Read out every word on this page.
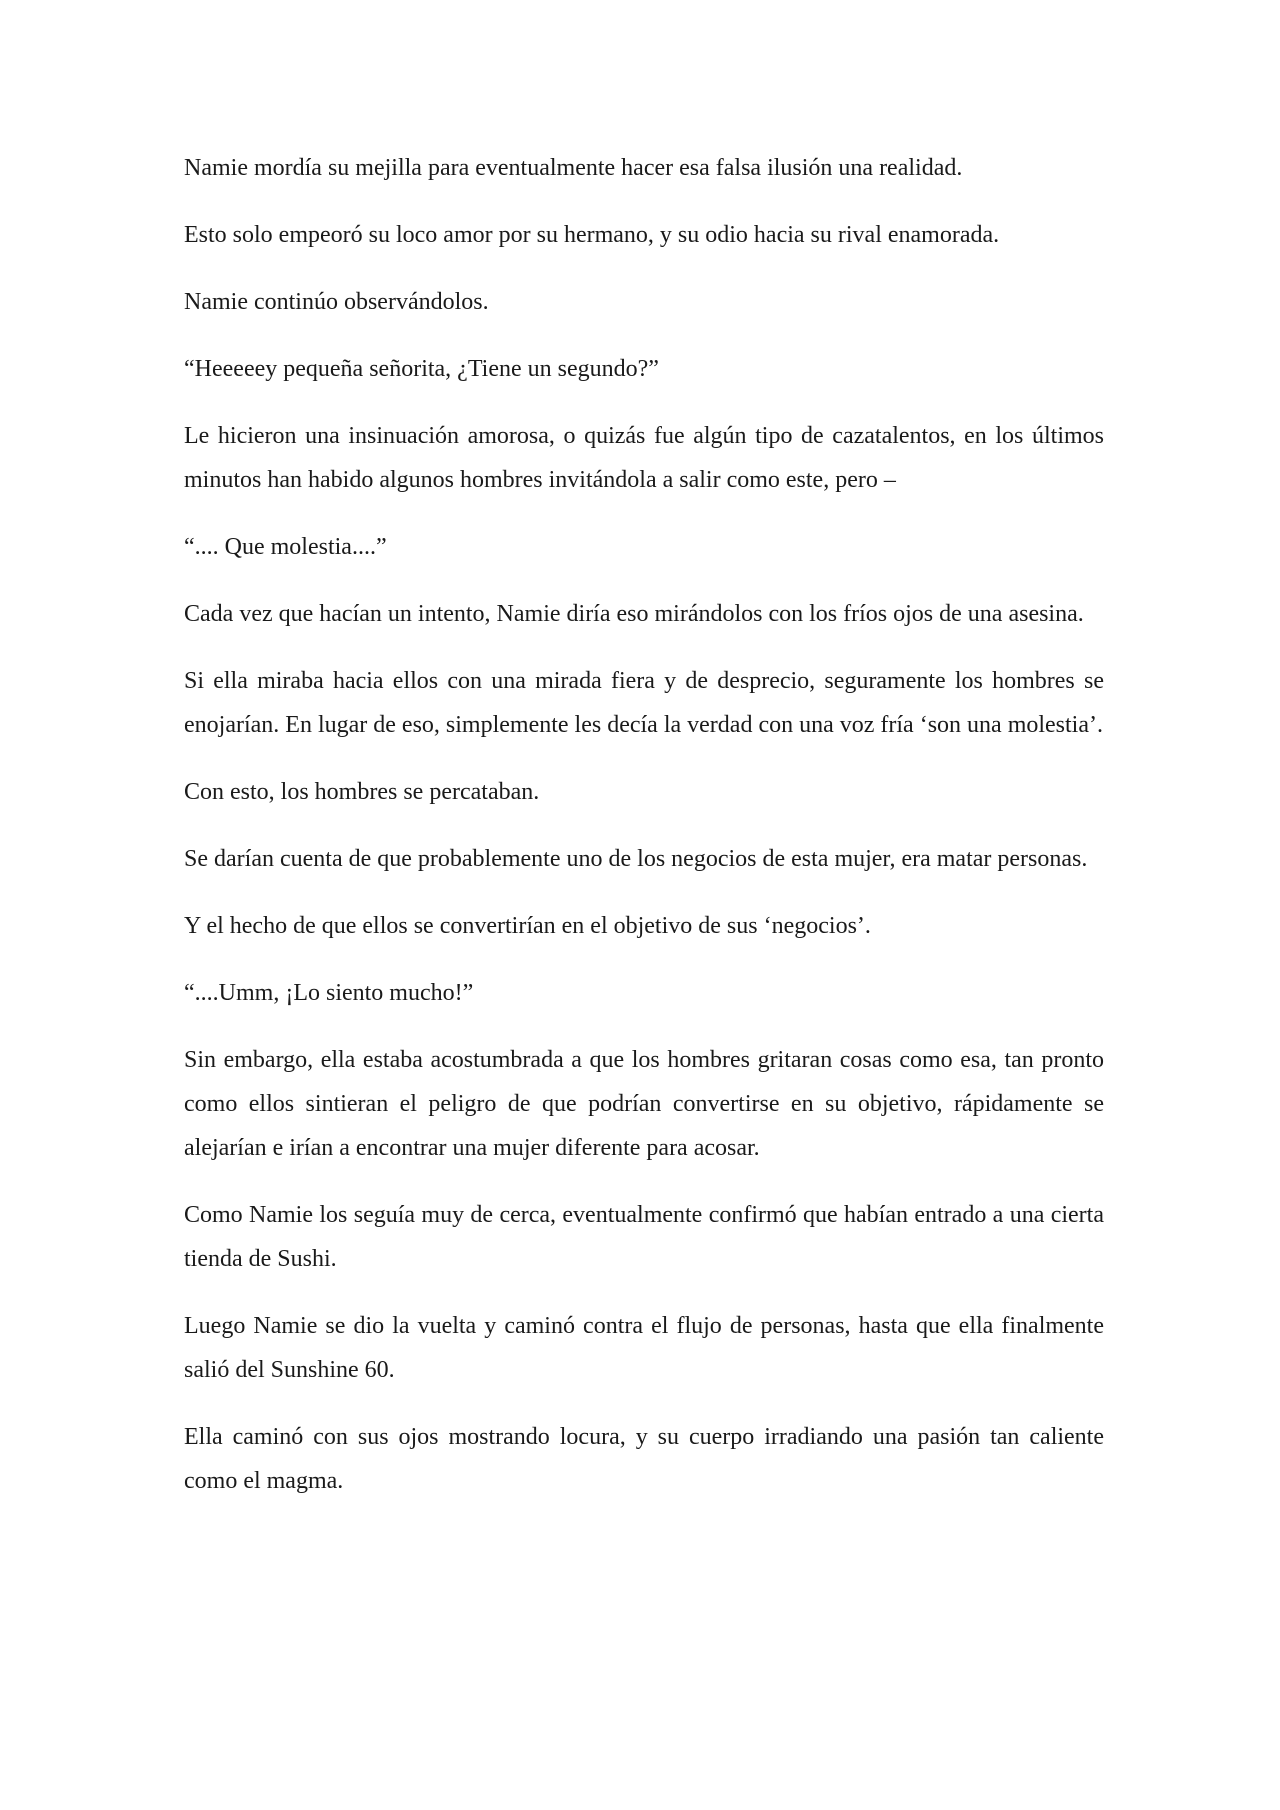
Namie mordía su mejilla para eventualmente hacer esa falsa ilusión una realidad.

Esto solo empeoró su loco amor por su hermano, y su odio hacia su rival enamorada.

Namie continúo observándolos.

“Heeeeey pequeña señorita, ¿Tiene un segundo?”

Le hicieron una insinuación amorosa, o quizás fue algún tipo de cazatalentos, en los últimos minutos han habido algunos hombres invitándola a salir como este, pero –

“.... Que molestia....”

Cada vez que hacían un intento, Namie diría eso mirándolos con los fríos ojos de una asesina.

Si ella miraba hacia ellos con una mirada fiera y de desprecio, seguramente los hombres se enojarían. En lugar de eso, simplemente les decía la verdad con una voz fría ‘son una molestia’.

Con esto, los hombres se percataban.

Se darían cuenta de que probablemente uno de los negocios de esta mujer, era matar personas.

Y el hecho de que ellos se convertirían en el objetivo de sus ‘negocios’.

“....Umm, ¡Lo siento mucho!”

Sin embargo, ella estaba acostumbrada a que los hombres gritaran cosas como esa, tan pronto como ellos sintieran el peligro de que podrían convertirse en su objetivo, rápidamente se alejarían e irían a encontrar una mujer diferente para acosar.

Como Namie los seguía muy de cerca, eventualmente confirmó que habían entrado a una cierta tienda de Sushi.

Luego Namie se dio la vuelta y caminó contra el flujo de personas, hasta que ella finalmente salió del Sunshine 60.

Ella caminó con sus ojos mostrando locura, y su cuerpo irradiando una pasión tan caliente como el magma.
